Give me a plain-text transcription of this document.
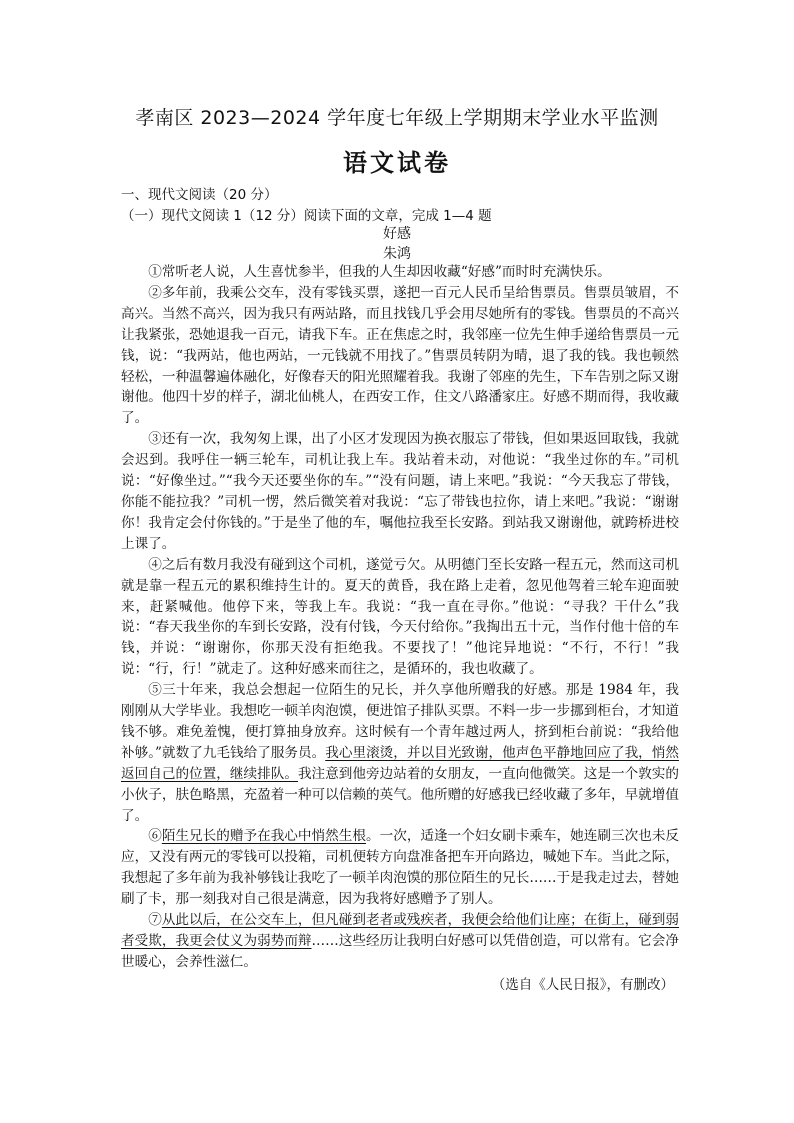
孝南区 2023—2024 学年度七年级上学期期末学业水平监测
语文试卷
一、现代文阅读（20 分）
（一）现代文阅读 1（12 分）阅读下面的文章，完成 1—4 题
好感
朱鸿

①常听老人说，人生喜忧参半，但我的人生却因收藏“好感”而时时充满快乐。

②多年前，我乘公交车，没有零钱买票，遂把一百元人民币呈给售票员。售票员皱眉，不高兴。当然不高兴，因为我只有两站路，而且找钱几乎会用尽她所有的零钱。售票员的不高兴让我紧张，恐她退我一百元，请我下车。正在焦虑之时，我邻座一位先生伸手递给售票员一元钱，说：“我两站，他也两站，一元钱就不用找了。”售票员转阴为晴，退了我的钱。我也顿然轻松，一种温馨遍体融化，好像春天的阳光照耀着我。我谢了邻座的先生，下车告别之际又谢谢他。他四十岁的样子，湖北仙桃人，在西安工作，住文八路潘家庄。好感不期而得，我收藏了。

③还有一次，我匆匆上课，出了小区才发现因为换衣服忘了带钱，但如果返回取钱，我就会迟到。我呼住一辆三轮车，司机让我上车。我站着未动，对他说：“我坐过你的车。”司机说：“好像坐过。”“我今天还要坐你的车。”“没有问题，请上来吧。”我说：“今天我忘了带钱，你能不能拉我？”司机一愣，然后微笑着对我说：“忘了带钱也拉你，请上来吧。”我说：“谢谢你！我肯定会付你钱的。”于是坐了他的车，嘱他拉我至长安路。到站我又谢谢他，就跨桥进校上课了。

④之后有数月我没有碰到这个司机，遂觉亏欠。从明德门至长安路一程五元，然而这司机就是靠一程五元的累积维持生计的。夏天的黄昏，我在路上走着，忽见他驾着三轮车迎面驶来，赶紧喊他。他停下来，等我上车。我说：“我一直在寻你。”他说：“寻我？干什么”我说：“春天我坐你的车到长安路，没有付钱，今天付给你。”我掏出五十元，当作付他十倍的车钱，并说：“谢谢你，你那天没有拒绝我。不要找了！”他诧异地说：“不行，不行！”我说：“行，行！”就走了。这种好感来而往之，是循环的，我也收藏了。

⑤三十年来，我总会想起一位陌生的兄长，并久享他所赠我的好感。那是 1984 年，我刚刚从大学毕业。我想吃一顿羊肉泡馍，便进馆子排队买票。不料一步一步挪到柜台，才知道钱不够。难免羞愧，便打算抽身放弃。这时候有一个青年越过两人，挤到柜台前说：“我给他补够。”就数了九毛钱给了服务员。我心里滚烫，并以目光致谢，他声色平静地回应了我，悄然返回自己的位置，继续排队。我注意到他旁边站着的女朋友，一直向他微笑。这是一个敦实的小伙子，肤色略黑，充盈着一种可以信赖的英气。他所赠的好感我已经收藏了多年，早就增值了。

⑥陌生兄长的赠予在我心中悄然生根。一次，适逢一个妇女刷卡乘车，她连刷三次也未反应，又没有两元的零钱可以投箱，司机便转方向盘准备把车开向路边，喊她下车。当此之际，我想起了多年前为我补够钱让我吃了一顿羊肉泡馍的那位陌生的兄长……于是我走过去，替她刷了卡，那一刻我对自己很是满意，因为我将好感赠予了别人。

⑦从此以后，在公交车上，但凡碰到老者或残疾者，我便会给他们让座；在街上，碰到弱者受欺，我更会仗义为弱势而辩……这些经历让我明白好感可以凭借创造，可以常有。它会净世暖心，会养性滋仁。

（选自《人民日报》，有删改）
